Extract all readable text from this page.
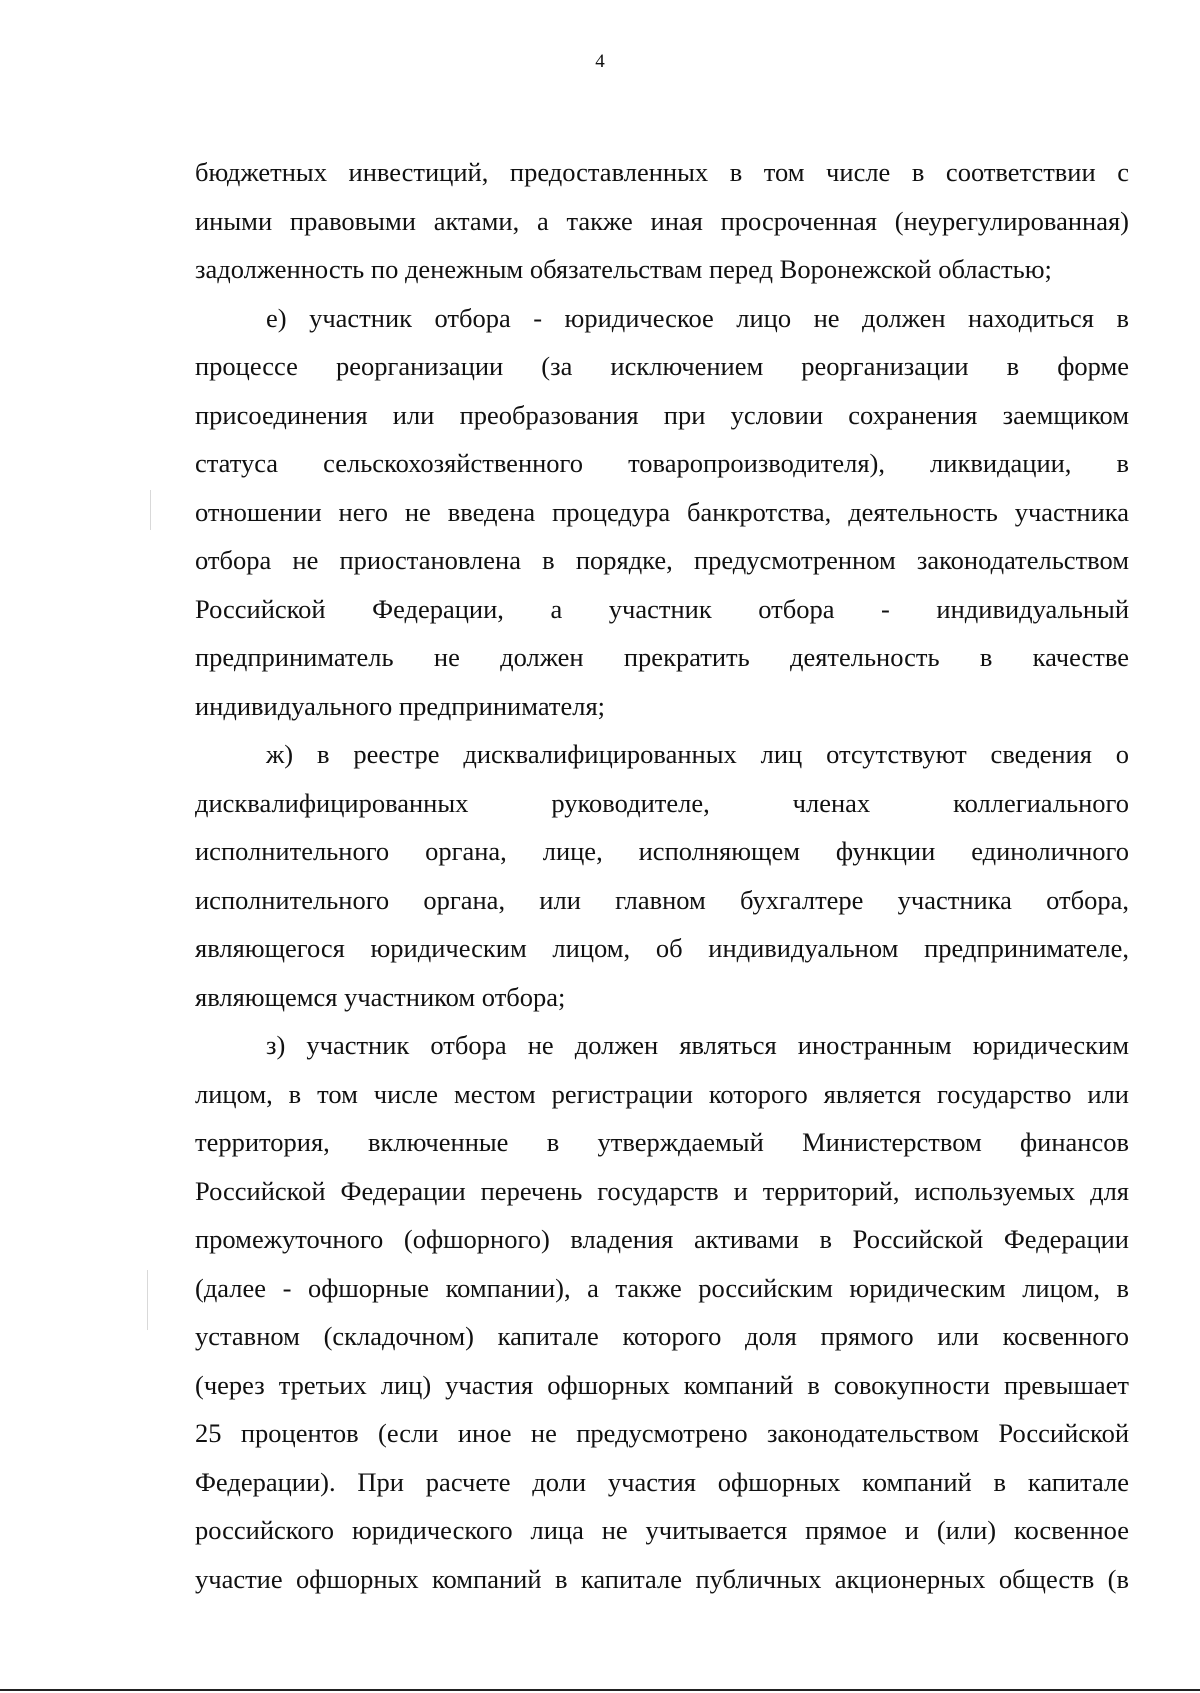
4
бюджетных инвестиций, предоставленных в том числе в соответствии с
иными правовыми актами, а также иная просроченная (неурегулированная)
задолженность по денежным обязательствам перед Воронежской областью;
е) участник отбора - юридическое лицо не должен находиться в
процессе реорганизации (за исключением реорганизации в форме
присоединения или преобразования при условии сохранения заемщиком
статуса сельскохозяйственного товаропроизводителя), ликвидации, в
отношении него не введена процедура банкротства, деятельность участника
отбора не приостановлена в порядке, предусмотренном законодательством
Российской Федерации, а участник отбора - индивидуальный
предприниматель не должен прекратить деятельность в качестве
индивидуального предпринимателя;
ж) в реестре дисквалифицированных лиц отсутствуют сведения о
дисквалифицированных руководителе, членах коллегиального
исполнительного органа, лице, исполняющем функции единоличного
исполнительного органа, или главном бухгалтере участника отбора,
являющегося юридическим лицом, об индивидуальном предпринимателе,
являющемся участником отбора;
з) участник отбора не должен являться иностранным юридическим
лицом, в том числе местом регистрации которого является государство или
территория, включенные в утверждаемый Министерством финансов
Российской Федерации перечень государств и территорий, используемых для
промежуточного (офшорного) владения активами в Российской Федерации
(далее - офшорные компании), а также российским юридическим лицом, в
уставном (складочном) капитале которого доля прямого или косвенного
(через третьих лиц) участия офшорных компаний в совокупности превышает
25 процентов (если иное не предусмотрено законодательством Российской
Федерации). При расчете доли участия офшорных компаний в капитале
российского юридического лица не учитывается прямое и (или) косвенное
участие офшорных компаний в капитале публичных акционерных обществ (в
